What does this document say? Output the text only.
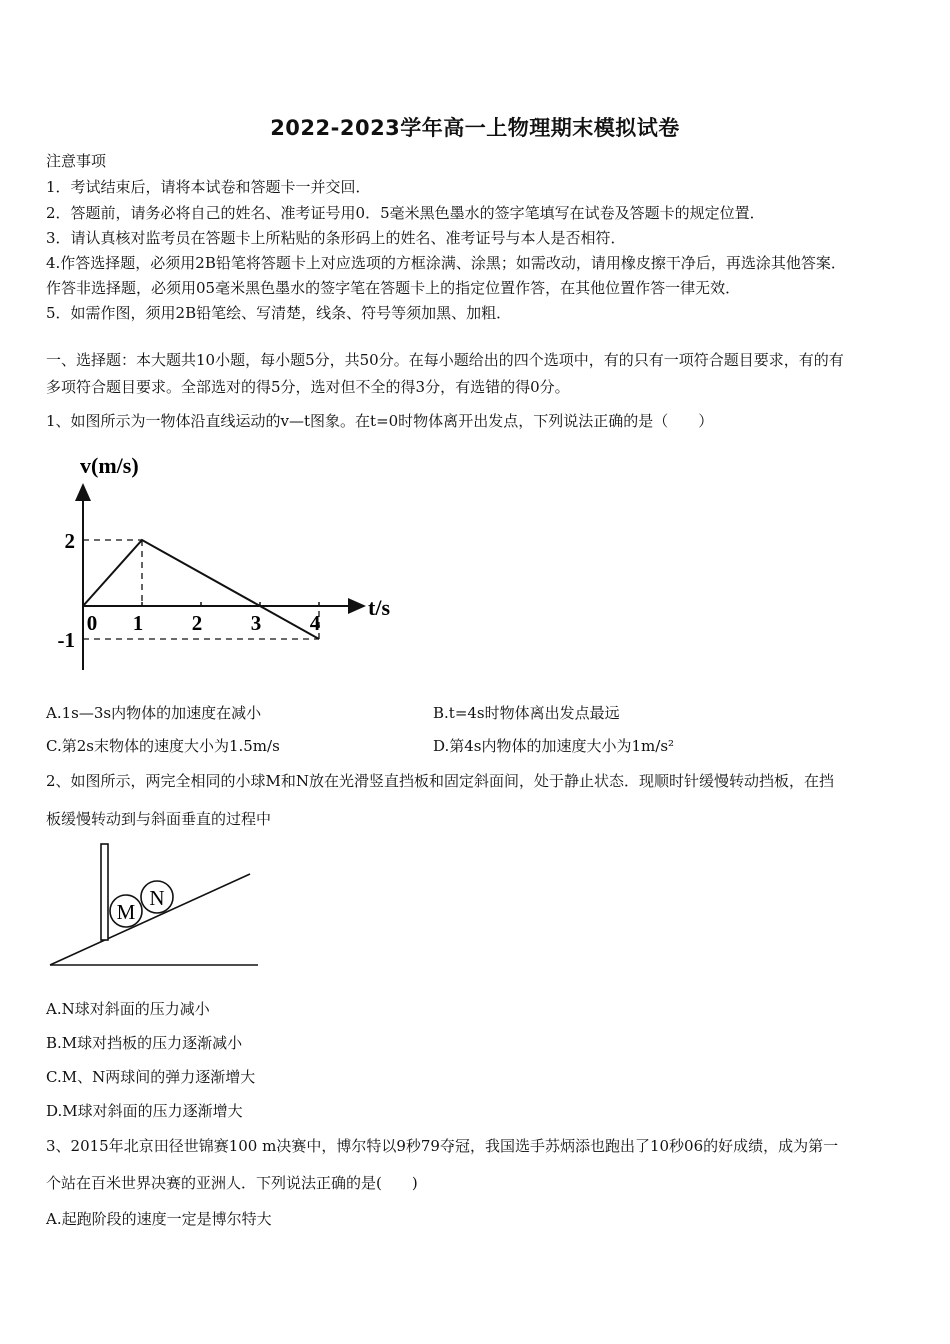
2022-2023学年高一上物理期末模拟试卷
注意事项
1．考试结束后，请将本试卷和答题卡一并交回．
2．答题前，请务必将自己的姓名、准考证号用0．5毫米黑色墨水的签字笔填写在试卷及答题卡的规定位置．
3．请认真核对监考员在答题卡上所粘贴的条形码上的姓名、准考证号与本人是否相符．
4.作答选择题，必须用2B铅笔将答题卡上对应选项的方框涂满、涂黑；如需改动，请用橡皮擦干净后，再选涂其他答案．
作答非选择题，必须用05毫米黑色墨水的签字笔在答题卡上的指定位置作答，在其他位置作答一律无效．
5．如需作图，须用2B铅笔绘、写清楚，线条、符号等须加黑、加粗．
一、选择题：本大题共10小题，每小题5分，共50分。在每小题给出的四个选项中，有的只有一项符合题目要求，有的有
多项符合题目要求。全部选对的得5分，选对但不全的得3分，有选错的得0分。
1、如图所示为一物体沿直线运动的v—t图象。在t=0时物体离开出发点，下列说法正确的是（　　）
v(m/s)
t/s
0 1 2 3 4
2
-1
A.1s—3s内物体的加速度在减小	B.t=4s时物体离出发点最远
C.第2s末物体的速度大小为1.5m/s	D.第4s内物体的加速度大小为1m/s²
2、如图所示，两完全相同的小球M和N放在光滑竖直挡板和固定斜面间，处于静止状态．现顺时针缓慢转动挡板，在挡
板缓慢转动到与斜面垂直的过程中
M
N
A.N球对斜面的压力减小
B.M球对挡板的压力逐渐减小
C.M、N两球间的弹力逐渐增大
D.M球对斜面的压力逐渐增大
3、2015年北京田径世锦赛100 m决赛中，博尔特以9秒79夺冠，我国选手苏炳添也跑出了10秒06的好成绩，成为第一
个站在百米世界决赛的亚洲人．下列说法正确的是(　　)
A.起跑阶段的速度一定是博尔特大
